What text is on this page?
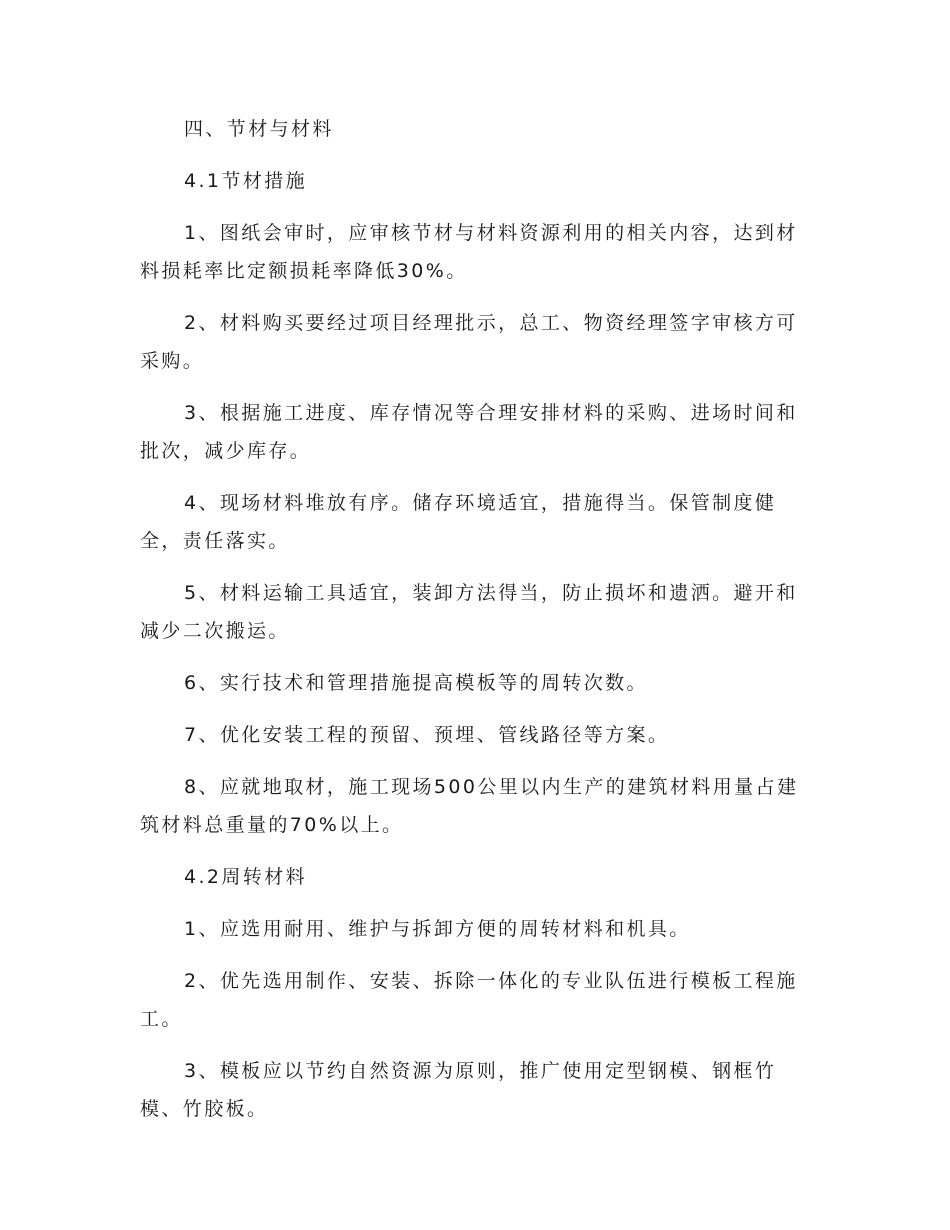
四、节材与材料

4.1节材措施

1、图纸会审时，应审核节材与材料资源利用的相关内容，达到材料损耗率比定额损耗率降低30%。

2、材料购买要经过项目经理批示，总工、物资经理签字审核方可采购。

3、根据施工进度、库存情况等合理安排材料的采购、进场时间和批次，减少库存。

4、现场材料堆放有序。储存环境适宜，措施得当。保管制度健全，责任落实。

5、材料运输工具适宜，装卸方法得当，防止损坏和遗洒。避开和减少二次搬运。

6、实行技术和管理措施提高模板等的周转次数。

7、优化安装工程的预留、预埋、管线路径等方案。

8、应就地取材，施工现场500公里以内生产的建筑材料用量占建筑材料总重量的70%以上。

4.2周转材料

1、应选用耐用、维护与拆卸方便的周转材料和机具。

2、优先选用制作、安装、拆除一体化的专业队伍进行模板工程施工。

3、模板应以节约自然资源为原则，推广使用定型钢模、钢框竹模、竹胶板。
